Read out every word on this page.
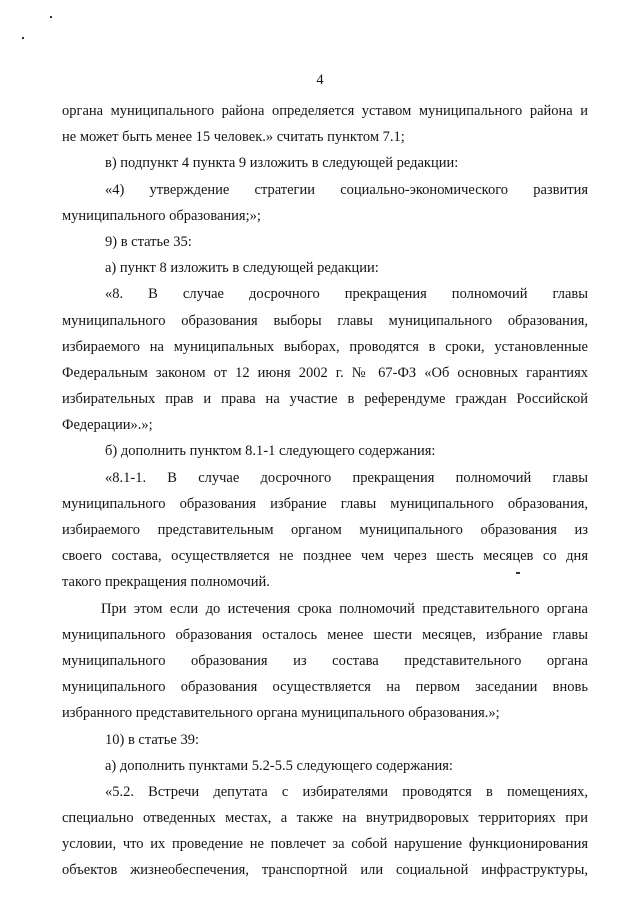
4
органа муниципального района определяется уставом муниципального района и
не может быть менее 15 человек.» считать пунктом 7.1;
в) подпункт 4 пункта 9 изложить в следующей редакции:
«4) утверждение стратегии социально-экономического развития
муниципального образования;»;
9) в статье 35:
а) пункт 8 изложить в следующей редакции:
«8. В случае досрочного прекращения полномочий главы
муниципального образования выборы главы муниципального образования,
избираемого на муниципальных выборах, проводятся в сроки, установленные
Федеральным законом от 12 июня 2002 г. № 67-ФЗ «Об основных гарантиях
избирательных прав и права на участие в референдуме граждан Российской
Федерации».»;
б) дополнить пунктом 8.1-1 следующего содержания:
«8.1-1. В случае досрочного прекращения полномочий главы
муниципального образования избрание главы муниципального образования,
избираемого представительным органом муниципального образования из
своего состава, осуществляется не позднее чем через шесть месяцев со дня
такого прекращения полномочий.
При этом если до истечения срока полномочий представительного органа
муниципального образования осталось менее шести месяцев, избрание главы
муниципального образования из состава представительного органа
муниципального образования осуществляется на первом заседании вновь
избранного представительного органа муниципального образования.»;
10) в статье 39:
а) дополнить пунктами 5.2-5.5 следующего содержания:
«5.2. Встречи депутата с избирателями проводятся в помещениях,
специально отведенных местах, а также на внутридворовых территориях при
условии, что их проведение не повлечет за собой нарушение функционирования
объектов жизнеобеспечения, транспортной или социальной инфраструктуры,
